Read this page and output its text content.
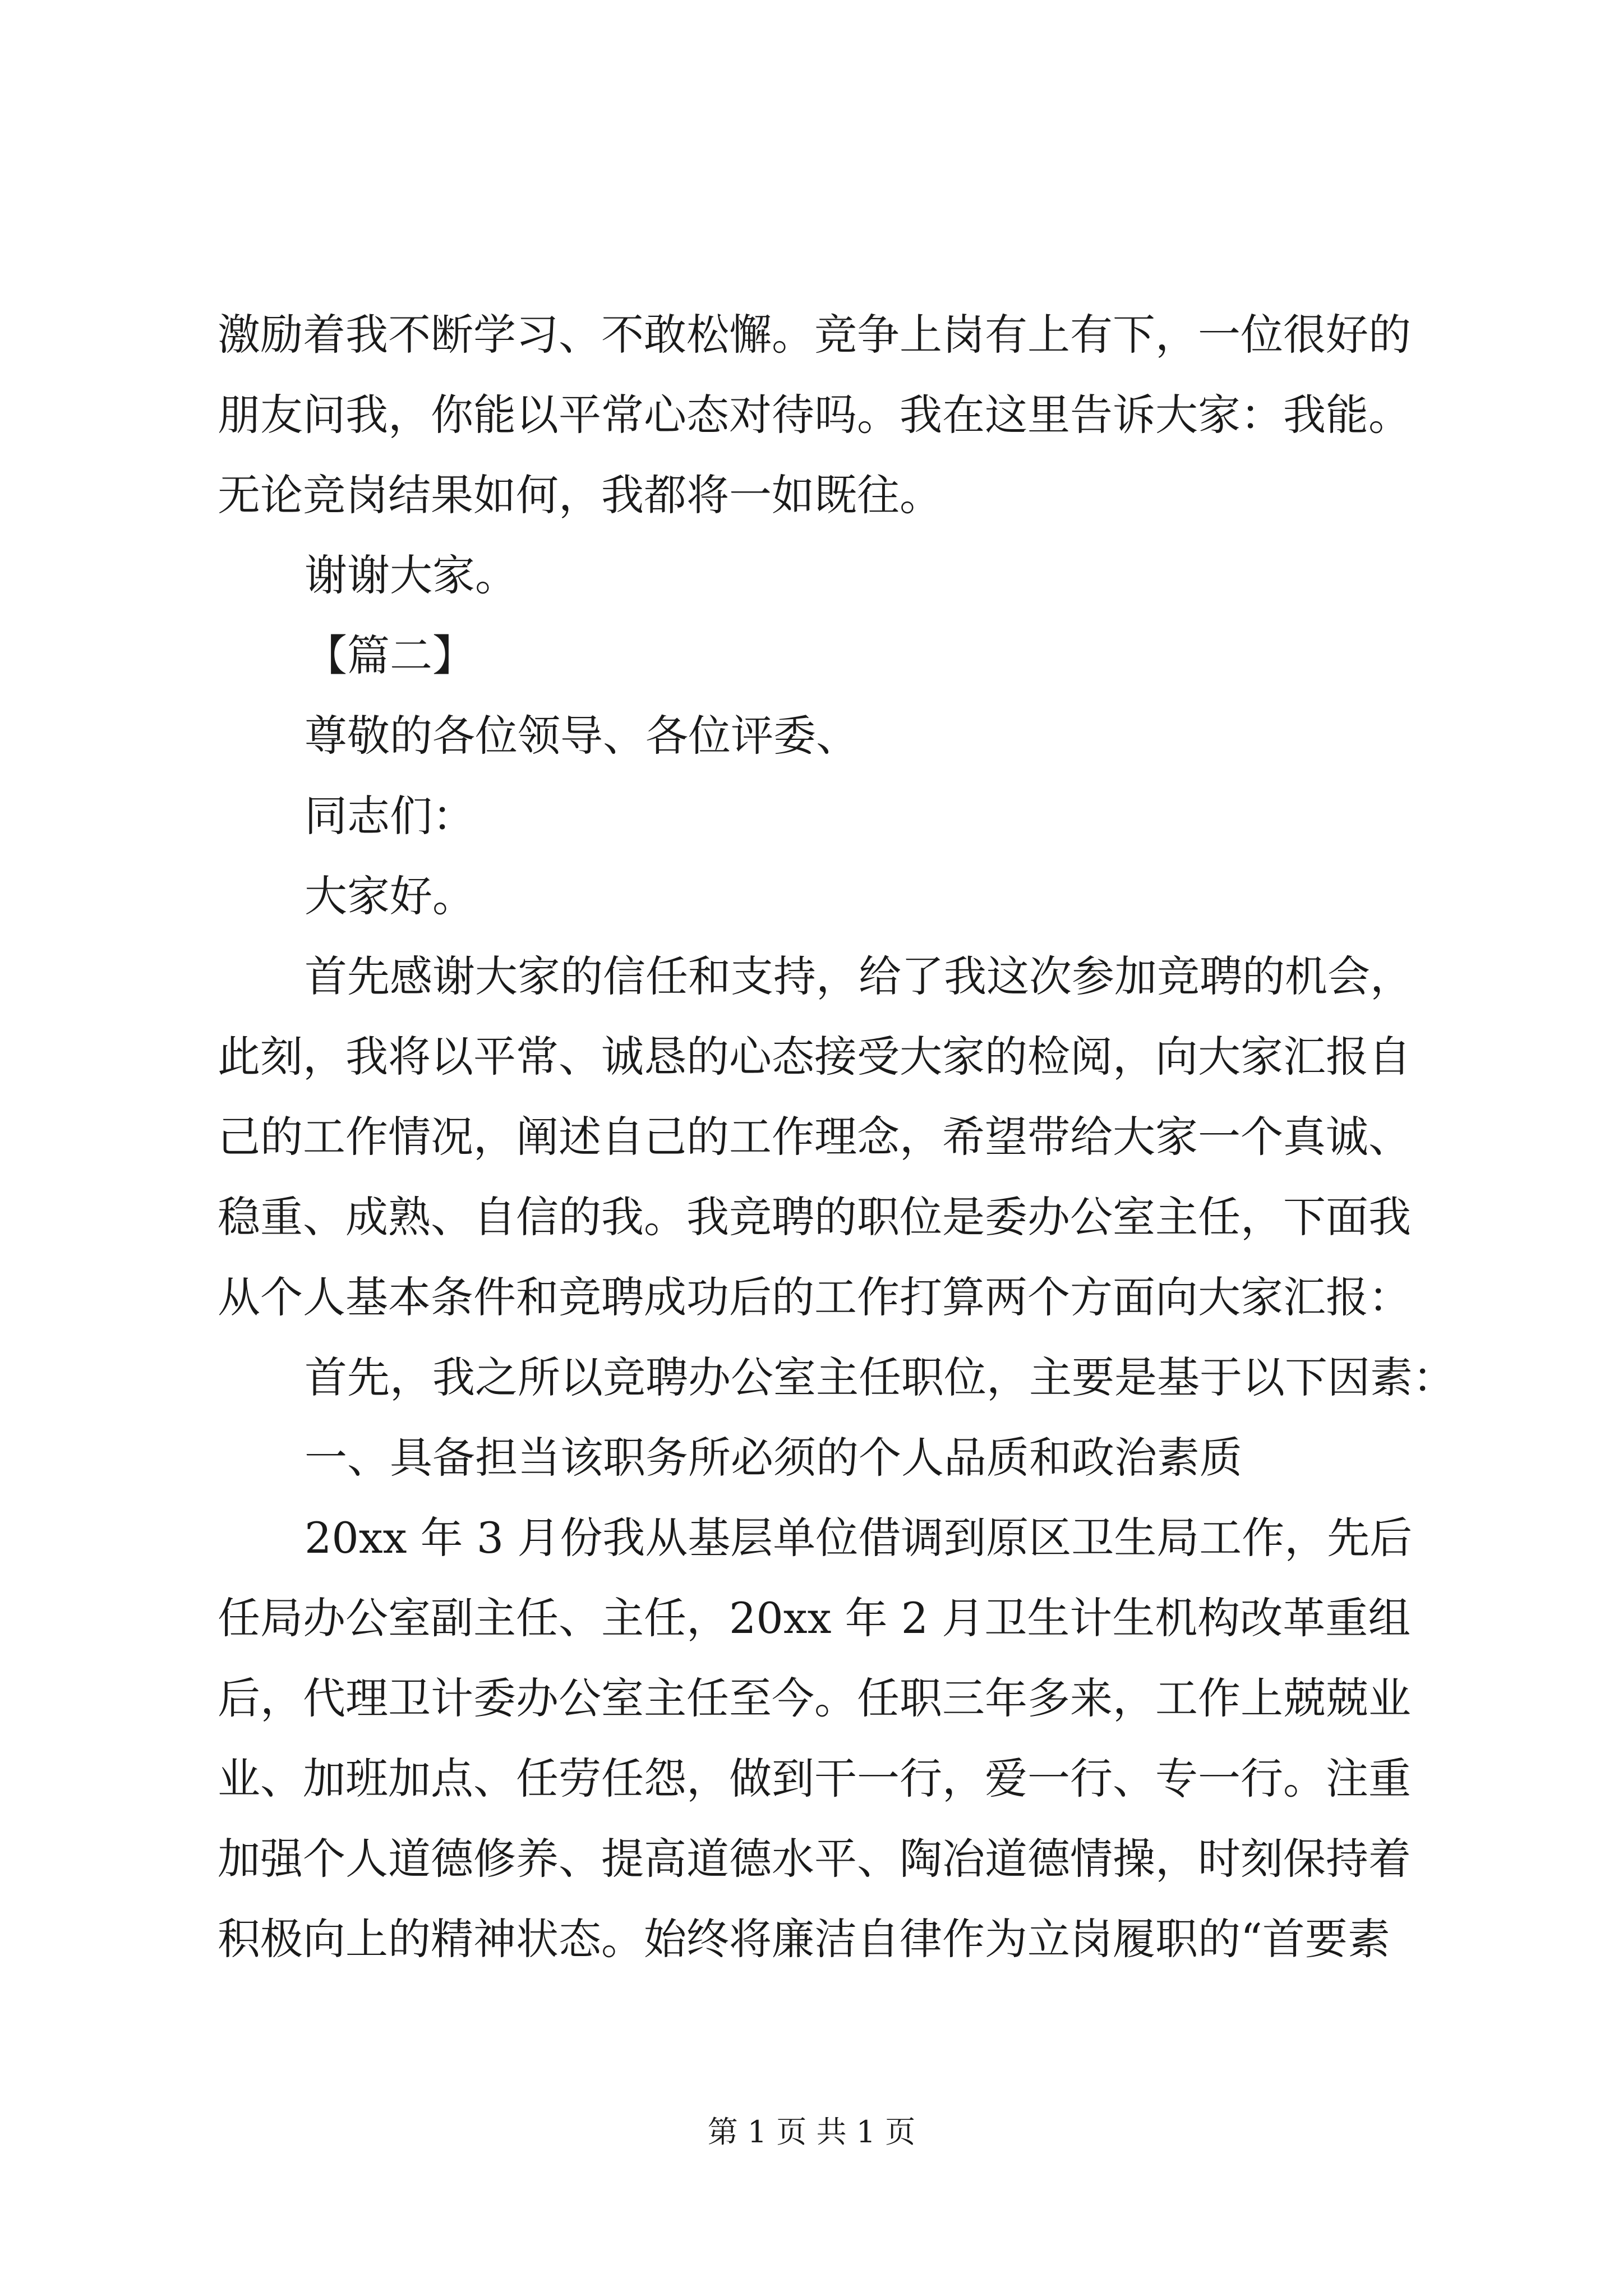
激励着我不断学习、不敢松懈。竞争上岗有上有下，一位很好的
朋友问我，你能以平常心态对待吗。我在这里告诉大家：我能。
无论竞岗结果如何，我都将一如既往。
谢谢大家。
【篇二】
尊敬的各位领导、各位评委、
同志们：
大家好。
首先感谢大家的信任和支持，给了我这次参加竞聘的机会，
此刻，我将以平常、诚恳的心态接受大家的检阅，向大家汇报自
己的工作情况，阐述自己的工作理念，希望带给大家一个真诚、
稳重、成熟、自信的我。我竞聘的职位是委办公室主任，下面我
从个人基本条件和竞聘成功后的工作打算两个方面向大家汇报：
首先，我之所以竞聘办公室主任职位，主要是基于以下因素：
一、具备担当该职务所必须的个人品质和政治素质
20xx 年 3 月份我从基层单位借调到原区卫生局工作，先后
任局办公室副主任、主任，20xx 年 2 月卫生计生机构改革重组
后，代理卫计委办公室主任至今。任职三年多来，工作上兢兢业
业、加班加点、任劳任怨，做到干一行，爱一行、专一行。注重
加强个人道德修养、提高道德水平、陶冶道德情操，时刻保持着
积极向上的精神状态。始终将廉洁自律作为立岗履职的“首要素
第 1 页 共 1 页
